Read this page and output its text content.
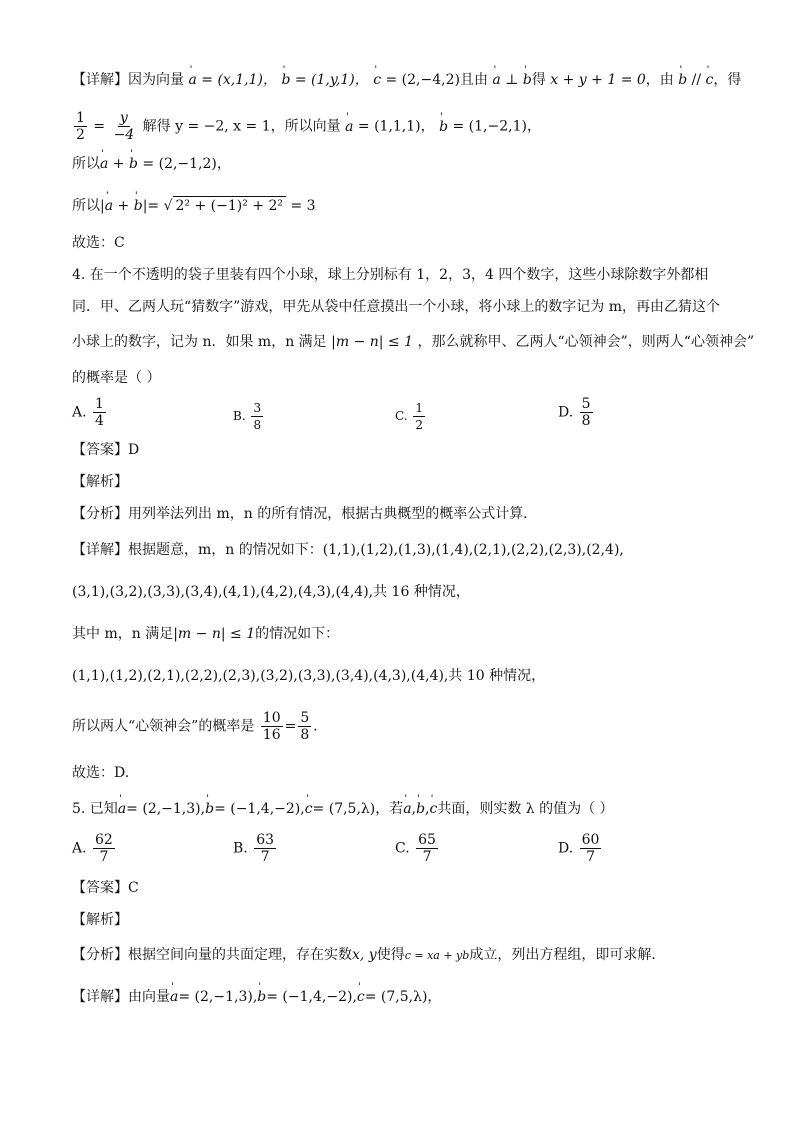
【详解】因为向量 ˈ a = (x,1,1)， ˈ b = (1,y,1)， ˈ c = (2,−4,2)且由 ˈ a ⊥ ˈ b得 x + y + 1 = 0，由 ˈ b // ˈ c，得
$\frac{1}{2} = \frac{y}{-4}$ 解得 y = −2, x = 1，所以向量 ˈ a = (1,1,1)， ˈ b = (1,−2,1)，
所以ˈ a + ˈ b = (2,−1,2)，
所以|ˈ a + ˈ b|= √ 2² + (−1)² + 2² = 3
故选：C
4. 在一个不透明的袋子里装有四个小球，球上分别标有 1，2，3，4 四个数字，这些小球除数字外都相
同．甲、乙两人玩“猜数字”游戏，甲先从袋中任意摸出一个小球，将小球上的数字记为 m，再由乙猜这个
小球上的数字，记为 n．如果 m，n 满足 |m − n| ≤ 1 ，那么就称甲、乙两人“心领神会”，则两人“心领神会”
的概率是（ ）
A. $\frac{1}{4}$	B. $\frac{3}{8}$	C. $\frac{1}{2}$	D. $\frac{5}{8}$
【答案】D
【解析】
【分析】用列举法列出 m，n 的所有情况，根据古典概型的概率公式计算．
【详解】根据题意，m，n 的情况如下：(1,1),(1,2),(1,3),(1,4),(2,1),(2,2),(2,3),(2,4),
(3,1),(3,2),(3,3),(3,4),(4,1),(4,2),(4,3),(4,4),共 16 种情况，
其中 m，n 满足|m − n| ≤ 1的情况如下：
(1,1),(1,2),(2,1),(2,2),(2,3),(3,2),(3,3),(3,4),(4,3),(4,4),共 10 种情况，
所以两人“心领神会”的概率是 $\frac{10}{16} = \frac{5}{8}$ ．
故选：D.
5. 已知ˈ a= (2,−1,3),ˈ b= (−1,4,−2),ˈ c= (7,5,λ)，若ˈ a,ˈ b,ˈ c共面，则实数 λ 的值为（ ）
A. $\frac{62}{7}$	B. $\frac{63}{7}$	C. $\frac{65}{7}$	D. $\frac{60}{7}$
【答案】C
【解析】
【分析】根据空间向量的共面定理，存在实数x, y使得c = xa + yb成立，列出方程组，即可求解．
【详解】由向量ˈ a= (2,−1,3),ˈ b= (−1,4,−2),ˈ c= (7,5,λ)，
